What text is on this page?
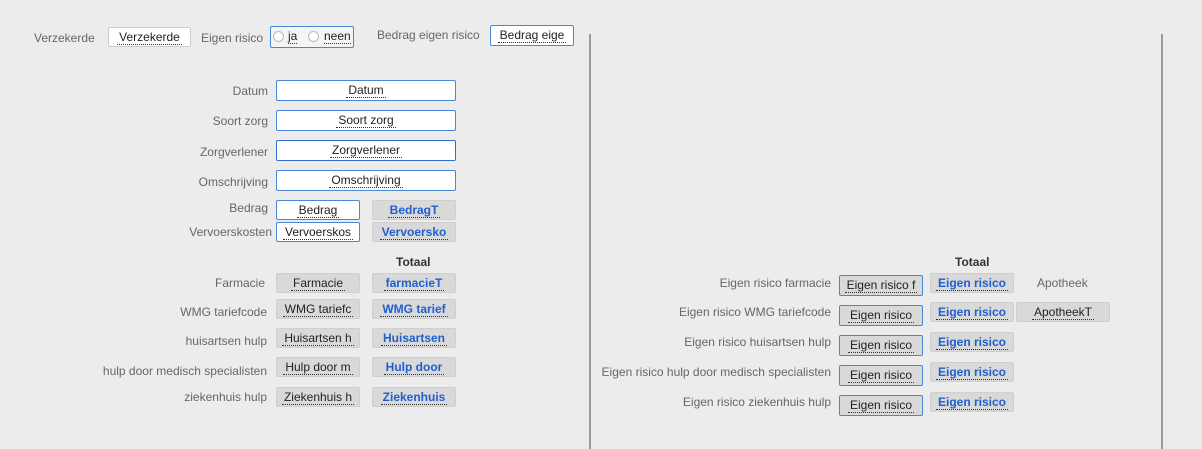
Verzekerde	Verzekerde	Eigen risico ja neen Bedrag eigen risico	Bedrag eige
Datum	Datum
Soort zorg	Soort zorg
Zorgverlener	Zorgverlener
Omschrijving	Omschrijving
Bedrag	Bedrag	BedragT
Vervoerskosten	Vervoerskos	Vervoersko
Totaal
Farmacie	Farmacie	farmacieT
WMG tariefcode	WMG tariefc	WMG tarief
huisartsen hulp	Huisartsen h	Huisartsen
hulp door medisch specialisten	Hulp door m	Hulp door
ziekenhuis hulp	Ziekenhuis h	Ziekenhuis
Totaal
Eigen risico farmacie	Eigen risico f	Eigen risico	Apotheek
Eigen risico WMG tariefcode	Eigen risico	Eigen risico	ApotheekT
Eigen risico huisartsen hulp	Eigen risico	Eigen risico
Eigen risico hulp door medisch specialisten	Eigen risico	Eigen risico
Eigen risico ziekenhuis hulp	Eigen risico	Eigen risico
